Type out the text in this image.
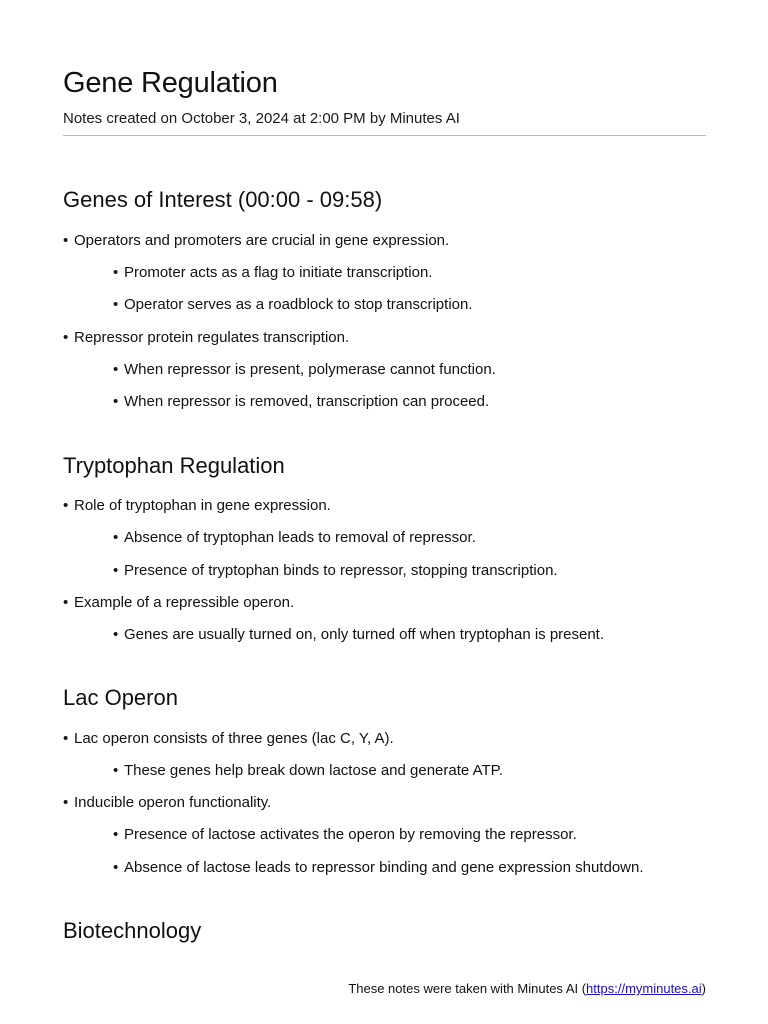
Gene Regulation
Notes created on October 3, 2024 at 2:00 PM by Minutes AI
Genes of Interest (00:00 - 09:58)
• Operators and promoters are crucial in gene expression.
• Promoter acts as a flag to initiate transcription.
• Operator serves as a roadblock to stop transcription.
• Repressor protein regulates transcription.
• When repressor is present, polymerase cannot function.
• When repressor is removed, transcription can proceed.
Tryptophan Regulation
• Role of tryptophan in gene expression.
• Absence of tryptophan leads to removal of repressor.
• Presence of tryptophan binds to repressor, stopping transcription.
• Example of a repressible operon.
• Genes are usually turned on, only turned off when tryptophan is present.
Lac Operon
• Lac operon consists of three genes (lac C, Y, A).
• These genes help break down lactose and generate ATP.
• Inducible operon functionality.
• Presence of lactose activates the operon by removing the repressor.
• Absence of lactose leads to repressor binding and gene expression shutdown.
Biotechnology
These notes were taken with Minutes AI (https://myminutes.ai)
